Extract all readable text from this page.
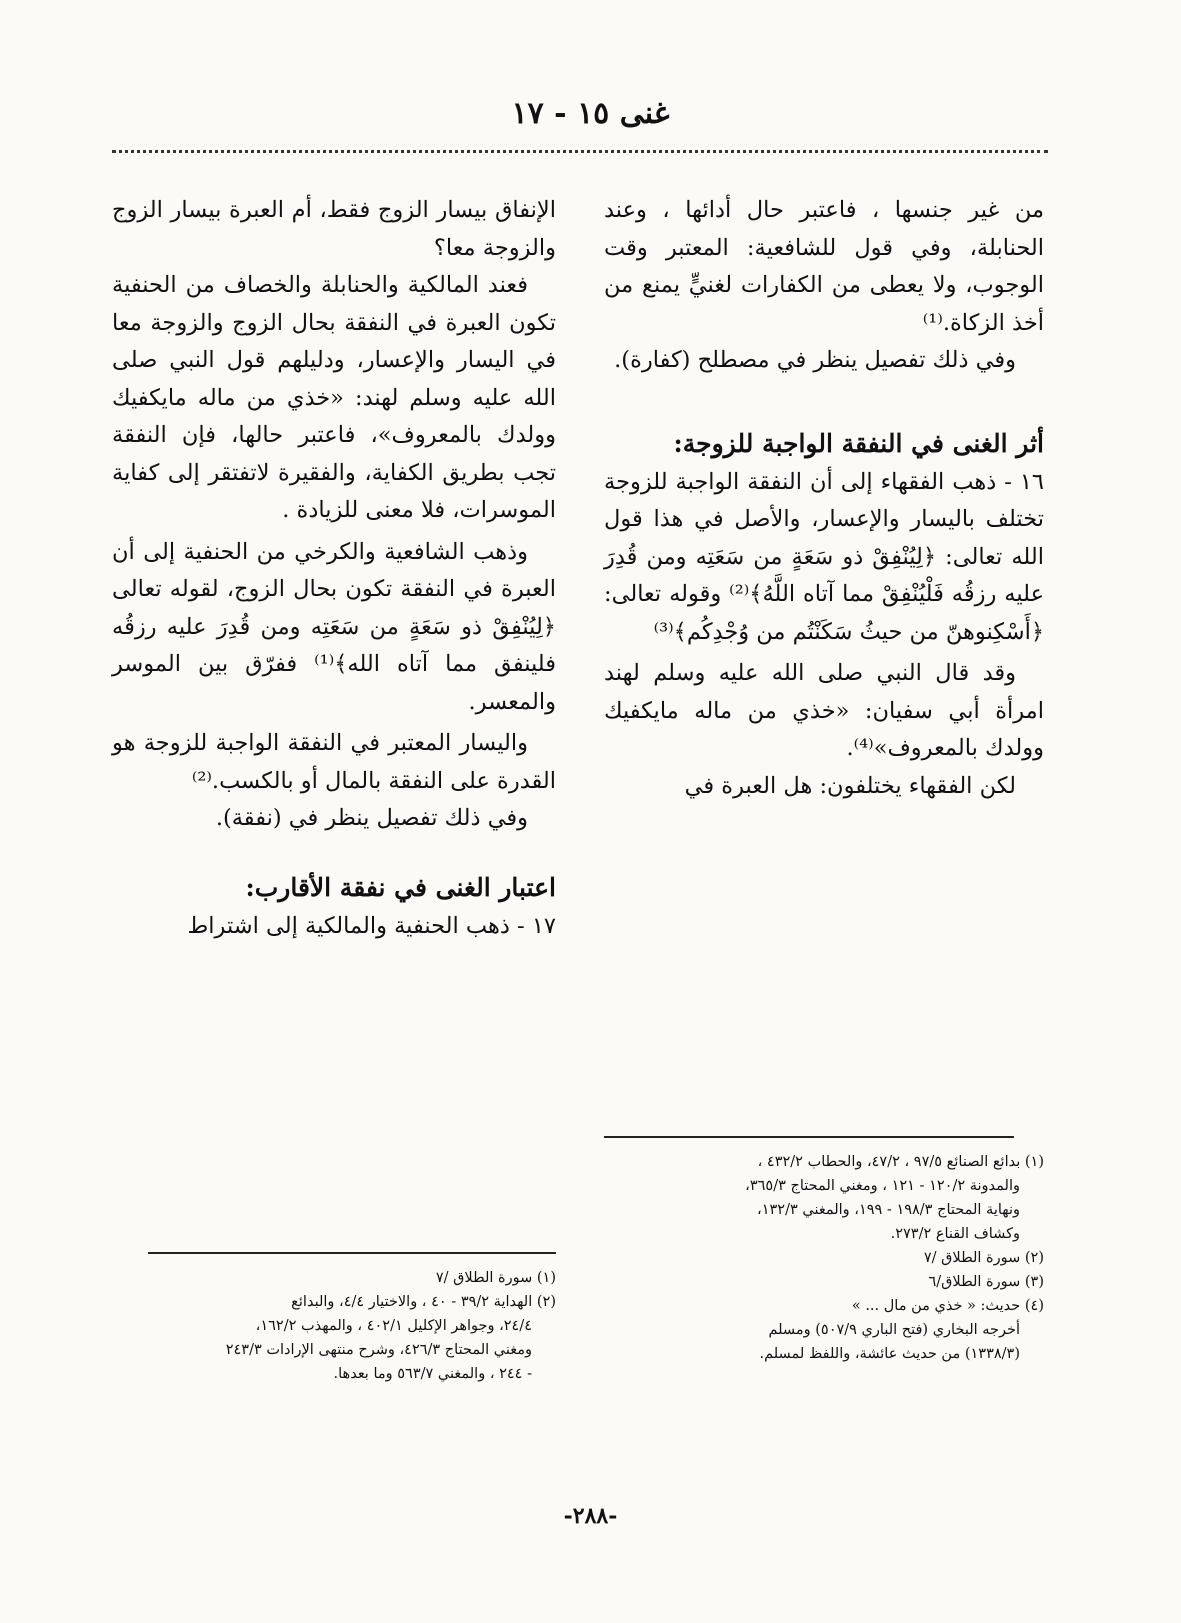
غنى ١٥ - ١٧

من غير جنسها ، فاعتبر حال أدائها ، وعند الحنابلة، وفي قول للشافعية: المعتبر وقت الوجوب، ولا يعطى من الكفارات لغنيٍّ يمنع من أخذ الزكاة.⁽¹⁾

وفي ذلك تفصيل ينظر في مصطلح (كفارة).

أثر الغنى في النفقة الواجبة للزوجة:

١٦ - ذهب الفقهاء إلى أن النفقة الواجبة للزوجة تختلف باليسار والإعسار، والأصل في هذا قول الله تعالى: ﴿لِيُنْفِقْ ذو سَعَةٍ من سَعَتِه ومن قُدِرَ عليه رزقُه فَلْيُنْفِقْ مما آتاه اللَّهُ﴾⁽²⁾ وقوله تعالى: ﴿أَسْكِنوهنّ من حيثُ سَكَنْتُم من وُجْدِكُم﴾⁽³⁾

وقد قال النبي صلى الله عليه وسلم لهند امرأة أبي سفيان: «خذي من ماله مايكفيك وولدك بالمعروف»⁽⁴⁾.

لكن الفقهاء يختلفون: هل العبرة في

(١) بدائع الصنائع ٩٧/٥ ، ٤٧/٢، والحطاب ٤٣٢/٢ ،

والمدونة ١٢٠/٢ - ١٢١ ، ومغني المحتاج ٣٦٥/٣،

ونهاية المحتاج ١٩٨/٣ - ١٩٩، والمغني ١٣٢/٣،

وكشاف القناع ٢٧٣/٢.

(٢) سورة الطلاق /٧

(٣) سورة الطلاق/٦

(٤) حديث: « خذي من مال ... »

أخرجه البخاري (فتح الباري ٥٠٧/٩) ومسلم

(١٣٣٨/٣) من حديث عائشة، واللفظ لمسلم.

الإنفاق بيسار الزوج فقط، أم العبرة بيسار الزوج والزوجة معا؟

فعند المالكية والحنابلة والخصاف من الحنفية تكون العبرة في النفقة بحال الزوج والزوجة معا في اليسار والإعسار، ودليلهم قول النبي صلى الله عليه وسلم لهند: «خذي من ماله مايكفيك وولدك بالمعروف»، فاعتبر حالها، فإن النفقة تجب بطريق الكفاية، والفقيرة لاتفتقر إلى كفاية الموسرات، فلا معنى للزيادة .

وذهب الشافعية والكرخي من الحنفية إلى أن العبرة في النفقة تكون بحال الزوج، لقوله تعالى ﴿لِيُنْفِقْ ذو سَعَةٍ من سَعَتِه ومن قُدِرَ عليه رزقُه فلينفق مما آتاه الله﴾⁽¹⁾ ففرّق بين الموسر والمعسر.

واليسار المعتبر في النفقة الواجبة للزوجة هو القدرة على النفقة بالمال أو بالكسب.⁽²⁾

وفي ذلك تفصيل ينظر في (نفقة).

اعتبار الغنى في نفقة الأقارب:

١٧ - ذهب الحنفية والمالكية إلى اشتراط

(١) سورة الطلاق /٧

(٢) الهداية ٣٩/٢ - ٤٠ ، والاختيار ٤/٤، والبدائع

٢٤/٤، وجواهر الإكليل ٤٠٢/١ ، والمهذب ١٦٢/٢،

ومغني المحتاج ٤٢٦/٣، وشرح منتهى الإرادات ٢٤٣/٣

- ٢٤٤ ، والمغني ٥٦٣/٧ وما بعدها.

-٢٨٨-
